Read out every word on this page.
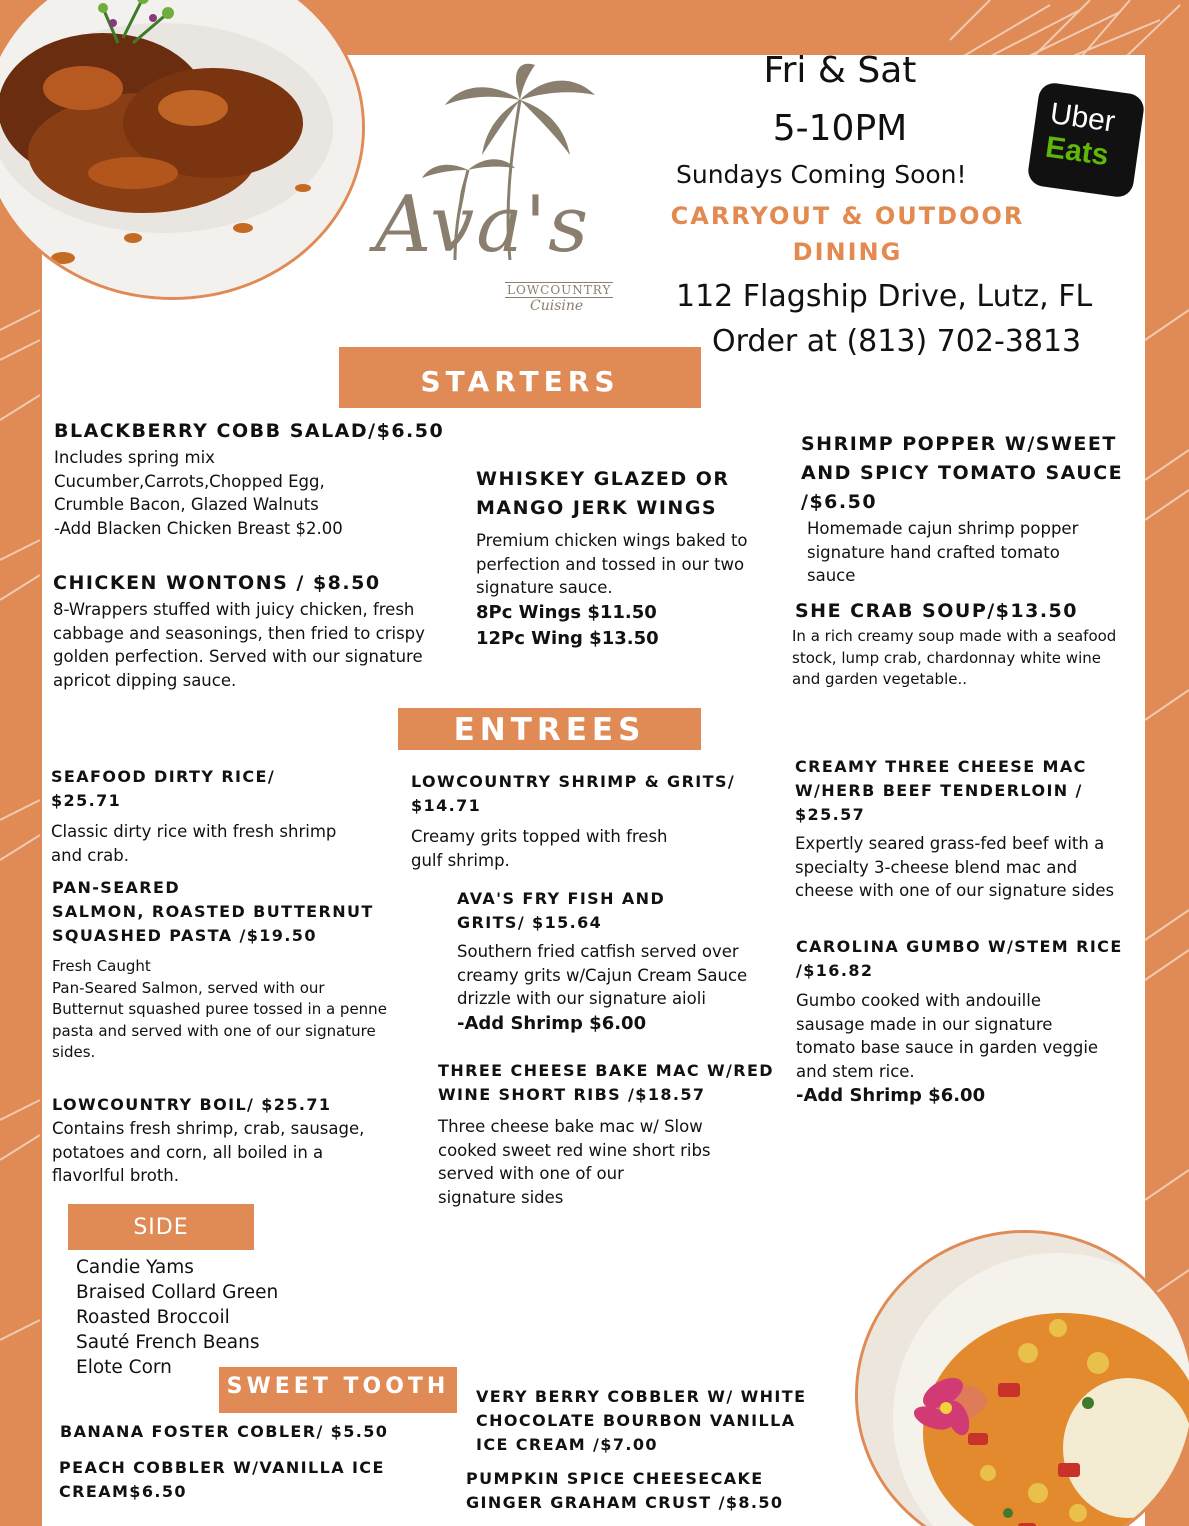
Ava's
LOWCOUNTRY
Cuisine
Fri & Sat
5-10PM
Sundays Coming Soon!
CARRYOUT & OUTDOOR
DINING
112 Flagship Drive, Lutz, FL
Order at (813) 702-3813
Uber
Eats
STARTERS
BLACKBERRY COBB SALAD/$6.50
Includes spring mix
Cucumber,Carrots,Chopped Egg,
Crumble Bacon, Glazed Walnuts
-Add Blacken Chicken Breast $2.00
CHICKEN WONTONS / $8.50
8-Wrappers stuffed with juicy chicken, fresh
cabbage and seasonings, then fried to crispy
golden perfection. Served with our signature
apricot dipping sauce.
WHISKEY GLAZED OR
MANGO JERK WINGS
Premium chicken wings baked to
perfection and tossed in our two
signature sauce.
8Pc Wings $11.50
12Pc Wing $13.50
SHRIMP POPPER W/SWEET
AND SPICY TOMATO SAUCE
/$6.50
Homemade cajun shrimp popper
signature hand crafted tomato
sauce
SHE CRAB SOUP/$13.50
In a rich creamy soup made with a seafood
stock, lump crab, chardonnay white wine
and garden vegetable..
ENTREES
SEAFOOD DIRTY RICE/
$25.71
Classic dirty rice with fresh shrimp
and crab.
PAN-SEARED
SALMON, ROASTED BUTTERNUT
SQUASHED PASTA /$19.50
Fresh Caught
Pan-Seared Salmon, served with our
Butternut squashed puree tossed in a penne
pasta and served with one of our signature
sides.
LOWCOUNTRY BOIL/ $25.71
Contains fresh shrimp, crab, sausage,
potatoes and corn, all boiled in a
flavorlful broth.
LOWCOUNTRY SHRIMP & GRITS/
$14.71
Creamy grits topped with fresh
gulf shrimp.
AVA'S FRY FISH AND
GRITS/ $15.64
Southern fried catfish served over
creamy grits w/Cajun Cream Sauce
drizzle with our signature aioli
-Add Shrimp $6.00
THREE CHEESE BAKE MAC W/RED
WINE SHORT RIBS /$18.57
Three cheese bake mac w/ Slow
cooked sweet red wine short ribs
served with one of our
signature sides
CREAMY THREE CHEESE MAC
W/HERB BEEF TENDERLOIN /
$25.57
Expertly seared grass-fed beef with a
specialty 3-cheese blend mac and
cheese with one of our signature sides
CAROLINA GUMBO W/STEM RICE
/$16.82
Gumbo cooked with andouille
sausage made in our signature
tomato base sauce in garden veggie
and stem rice.
-Add Shrimp $6.00
SIDE
Candie Yams
Braised Collard Green
Roasted Broccoil
Sauté French Beans
Elote Corn
SWEET TOOTH
BANANA FOSTER COBLER/ $5.50
PEACH COBBLER W/VANILLA ICE
CREAM$6.50
VERY BERRY COBBLER W/ WHITE
CHOCOLATE BOURBON VANILLA
ICE CREAM /$7.00
PUMPKIN SPICE CHEESECAKE
GINGER GRAHAM CRUST /$8.50
